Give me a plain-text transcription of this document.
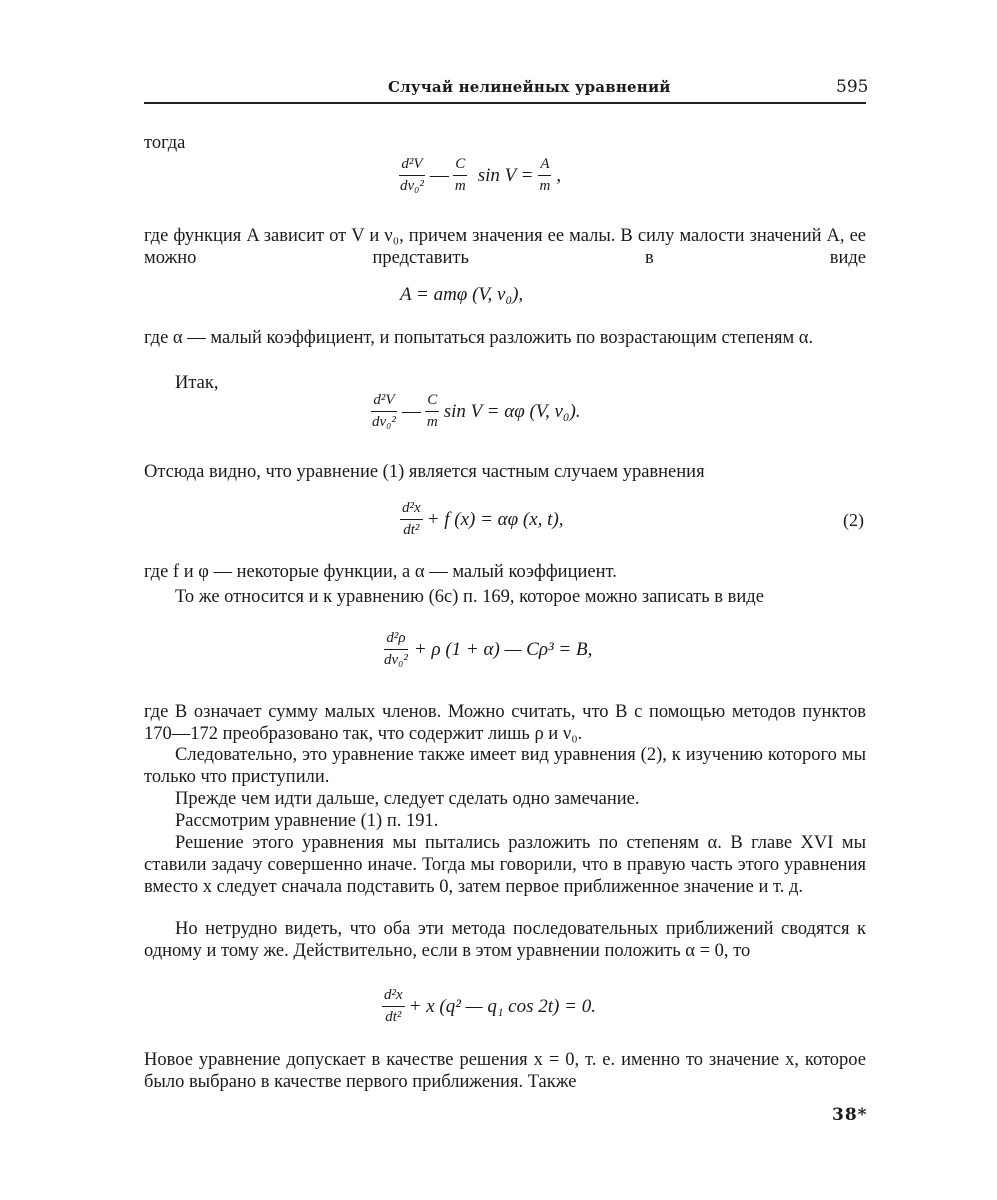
Случай нелинейных уравнений	595
тогда
$\frac{\text{d²V}}{\text{dν₀²}}$ — $\frac{C}{m}$ $\sin V = \frac{A}{m}$ ,
где функция A зависит от V и ν₀, причем значения ее малы. В силу малости значений A, ее можно представить в виде
A = amφ (V, ν₀),
где α — малый коэффициент, и попытаться разложить по возрастающим степеням α.
Итак,
$\frac{\text{d²V}}{\text{dν₀²}}$ — $\frac{C}{m}$ sin V = αφ (V, ν₀).
Отсюда видно, что уравнение (1) является частным случаем уравнения
$\frac{\text{d²x}}{\text{dt²}} + f$ (x) = αφ (x, t),	(2)
где f и φ — некоторые функции, а α — малый коэффициент.
То же относится и к уравнению (6c) п. 169, которое можно записать в виде
$\frac{\text{d²ρ}}{\text{dν₀²}} + \rho$ (1 + α) — Cρ³ = B,
где B означает сумму малых членов. Можно считать, что B с помощью методов пунктов 170—172 преобразовано так, что содержит лишь ρ и ν₀.
Следовательно, это уравнение также имеет вид уравнения (2), к изучению которого мы только что приступили.
Прежде чем идти дальше, следует сделать одно замечание.
Рассмотрим уравнение (1) п. 191.
Решение этого уравнения мы пытались разложить по степеням α. В главе XVI мы ставили задачу совершенно иначе. Тогда мы говорили, что в правую часть этого уравнения вместо x следует сначала подставить 0, затем первое приближенное значение и т. д.
Но нетрудно видеть, что оба эти метода последовательных приближений сводятся к одному и тому же. Действительно, если в этом уравнении положить α = 0, то
$\frac{\text{d²x}}{\text{dt²}} + x$ (q² — q₁ cos 2t) = 0.
Новое уравнение допускает в качестве решения x = 0, т. е. именно то значение x, которое было выбрано в качестве первого приближения. Также
38*
